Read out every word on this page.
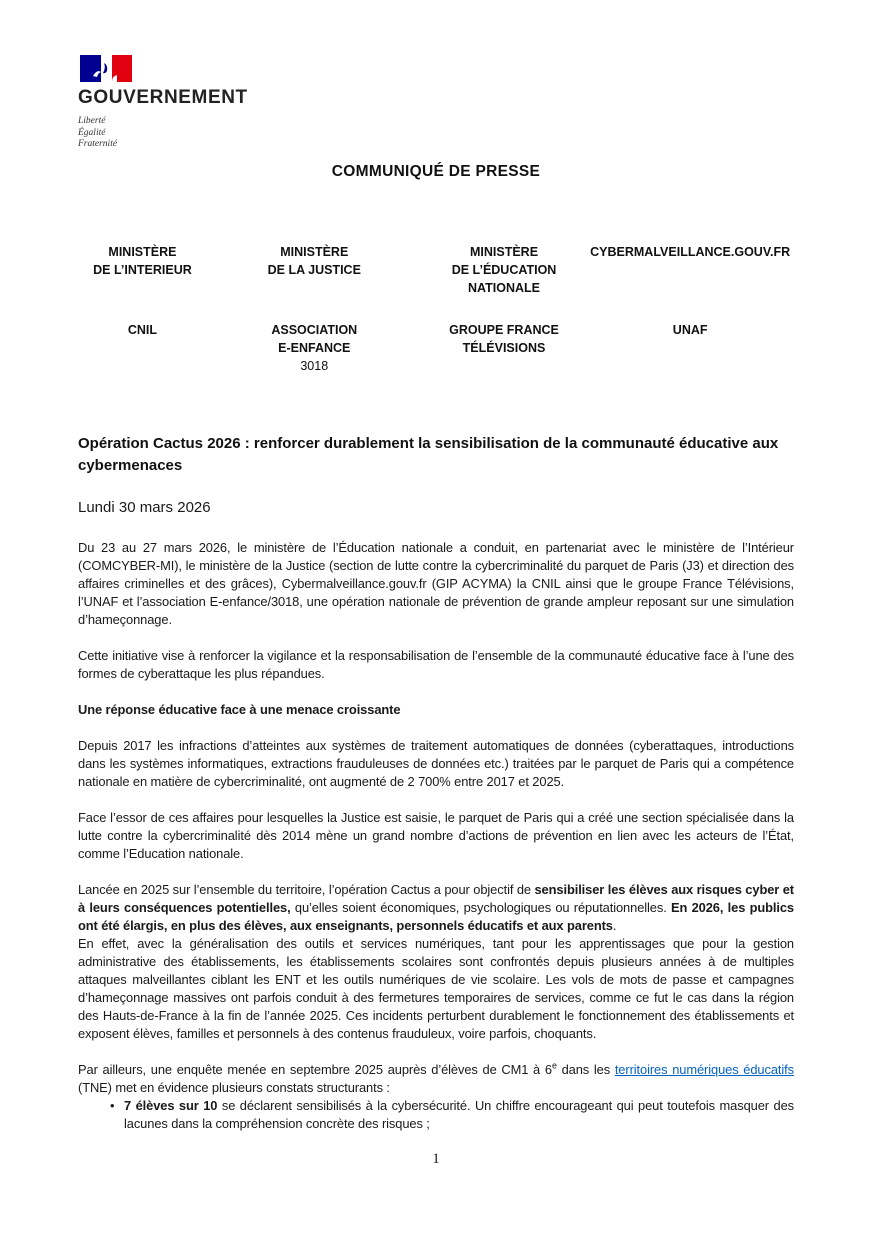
GOUVERNEMENT
Liberté
Égalité
Fraternité
COMMUNIQUÉ DE PRESSE
MINISTÈRE
DE L’INTERIEUR
MINISTÈRE
DE LA JUSTICE
MINISTÈRE
DE L’ÉDUCATION
NATIONALE
CYBERMALVEILLANCE.GOUV.FR
CNIL	ASSOCIATION
E-ENFANCE
3018
GROUPE FRANCE
TÉLÉVISIONS
UNAF
Opération Cactus 2026 : renforcer durablement la sensibilisation de la communauté éducative aux cybermenaces
Lundi 30 mars 2026

Du 23 au 27 mars 2026, le ministère de l’Éducation nationale a conduit, en partenariat avec le ministère de l’Intérieur (COMCYBER-MI), le ministère de la Justice (section de lutte contre la cybercriminalité du parquet de Paris (J3) et direction des affaires criminelles et des grâces), Cybermalveillance.gouv.fr (GIP ACYMA) la CNIL ainsi que le groupe France Télévisions, l’UNAF et l’association E-enfance/3018, une opération nationale de prévention de grande ampleur reposant sur une simulation d’hameçonnage.

Cette initiative vise à renforcer la vigilance et la responsabilisation de l’ensemble de la communauté éducative face à l’une des formes de cyberattaque les plus répandues.

Une réponse éducative face à une menace croissante

Depuis 2017 les infractions d’atteintes aux systèmes de traitement automatiques de données (cyberattaques, introductions dans les systèmes informatiques, extractions frauduleuses de données etc.) traitées par le parquet de Paris qui a compétence nationale en matière de cybercriminalité, ont augmenté de 2 700% entre 2017 et 2025.

Face l’essor de ces affaires pour lesquelles la Justice est saisie, le parquet de Paris qui a créé une section spécialisée dans la lutte contre la cybercriminalité dès 2014 mène un grand nombre d’actions de prévention en lien avec les acteurs de l’État, comme l’Education nationale.

Lancée en 2025 sur l’ensemble du territoire, l’opération Cactus a pour objectif de sensibiliser les élèves aux risques cyber et à leurs conséquences potentielles, qu’elles soient économiques, psychologiques ou réputationnelles. En 2026, les publics ont été élargis, en plus des élèves, aux enseignants, personnels éducatifs et aux parents.

En effet, avec la généralisation des outils et services numériques, tant pour les apprentissages que pour la gestion administrative des établissements, les établissements scolaires sont confrontés depuis plusieurs années à de multiples attaques malveillantes ciblant les ENT et les outils numériques de vie scolaire. Les vols de mots de passe et campagnes d’hameçonnage massives ont parfois conduit à des fermetures temporaires de services, comme ce fut le cas dans la région des Hauts-de-France à la fin de l’année 2025. Ces incidents perturbent durablement le fonctionnement des établissements et exposent élèves, familles et personnels à des contenus frauduleux, voire parfois, choquants.

Par ailleurs, une enquête menée en septembre 2025 auprès d’élèves de CM1 à 6e dans les territoires numériques éducatifs (TNE) met en évidence plusieurs constats structurants :

• 7 élèves sur 10 se déclarent sensibilisés à la cybersécurité. Un chiffre encourageant qui peut toutefois masquer des lacunes dans la compréhension concrète des risques ;
1
